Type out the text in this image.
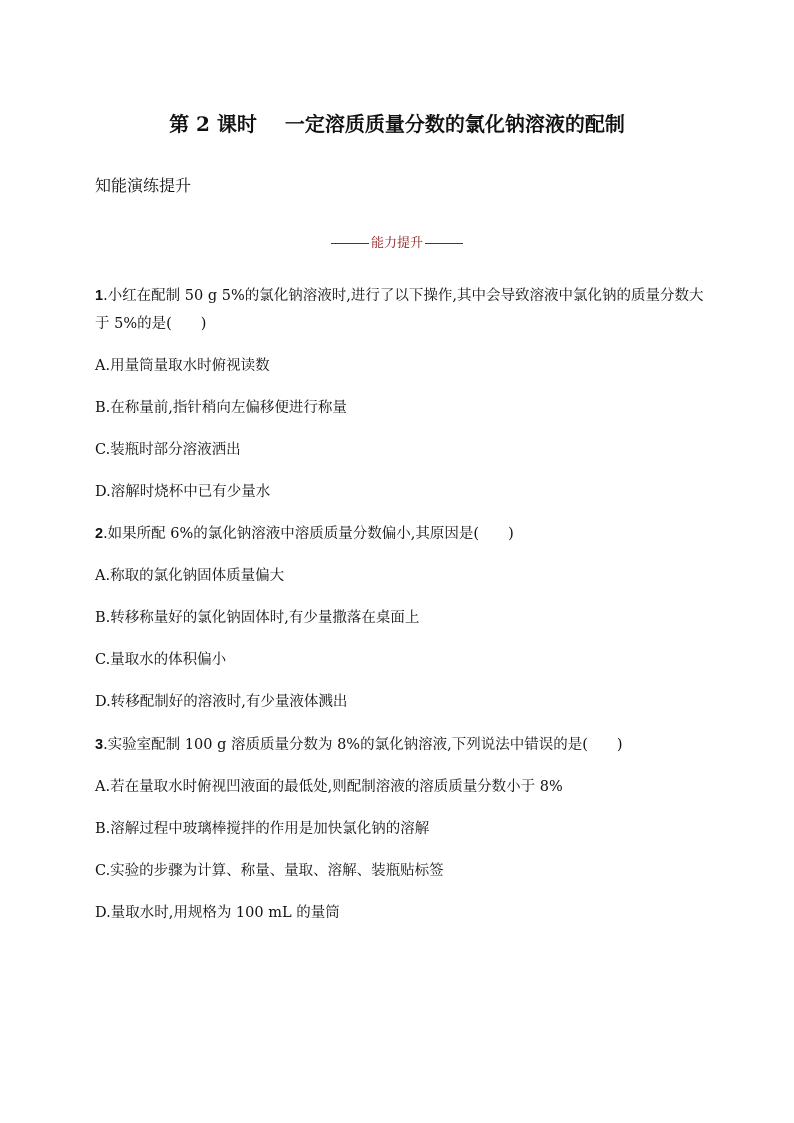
第 2 课时 一定溶质质量分数的氯化钠溶液的配制
知能演练提升
能力提升
1.小红在配制 50 g 5%的氯化钠溶液时,进行了以下操作,其中会导致溶液中氯化钠的质量分数大于 5%的是(　　)
A.用量筒量取水时俯视读数
B.在称量前,指针稍向左偏移便进行称量
C.装瓶时部分溶液洒出
D.溶解时烧杯中已有少量水
2.如果所配 6%的氯化钠溶液中溶质质量分数偏小,其原因是(　　)
A.称取的氯化钠固体质量偏大
B.转移称量好的氯化钠固体时,有少量撒落在桌面上
C.量取水的体积偏小
D.转移配制好的溶液时,有少量液体溅出
3.实验室配制 100 g 溶质质量分数为 8%的氯化钠溶液,下列说法中错误的是(　　)
A.若在量取水时俯视凹液面的最低处,则配制溶液的溶质质量分数小于 8%
B.溶解过程中玻璃棒搅拌的作用是加快氯化钠的溶解
C.实验的步骤为计算、称量、量取、溶解、装瓶贴标签
D.量取水时,用规格为 100 mL 的量筒
